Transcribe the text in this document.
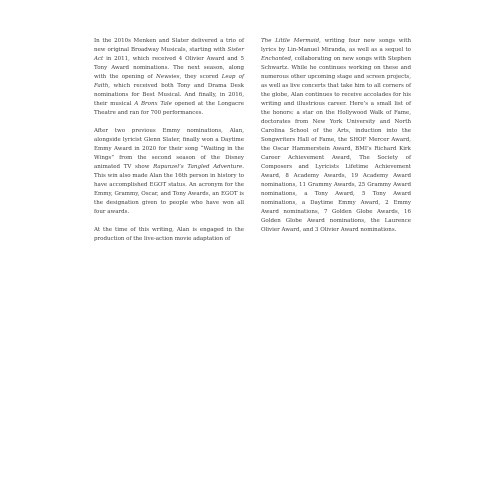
In the 2010s Menken and Slater delivered a trio of new original Broadway Musicals, starting with Sister Act in 2011, which received 4 Olivier Award and 5 Tony Award nominations. The next season, along with the opening of Newsies, they scored Leap of Faith, which received both Tony and Drama Desk nominations for Best Musical. And finally, in 2016, their musical A Bronx Tale opened at the Longacre Theatre and ran for 700 performances.

After two previous Emmy nominations, Alan, alongside lyricist Glenn Slater, finally won a Daytime Emmy Award in 2020 for their song “Waiting in the Wings” from the second season of the Disney animated TV show Rapunzel’s Tangled Adventure. This win also made Alan the 16th person in history to have accomplished EGOT status. An acronym for the Emmy, Grammy, Oscar, and Tony Awards, an EGOT is the designation given to people who have won all four awards.

At the time of this writing, Alan is engaged in the production of the live-action movie adaptation of

The Little Mermaid, writing four new songs with lyrics by Lin-Manuel Miranda, as well as a sequel to Enchanted, collaborating on new songs with Stephen Schwartz. While he continues working on these and numerous other upcoming stage and screen projects, as well as live concerts that take him to all corners of the globe, Alan continues to receive accolades for his writing and illustrious career. Here’s a small list of the honors: a star on the Hollywood Walk of Fame, doctorates from New York University and North Carolina School of the Arts, induction into the Songwriters Hall of Fame, the SHOF Mercer Award, the Oscar Hammerstein Award, BMI’s Richard Kirk Career Achievement Award, The Society of Composers and Lyricists Lifetime Achievement Award, 8 Academy Awards, 19 Academy Award nominations, 11 Grammy Awards, 25 Grammy Award nominations, a Tony Award, 5 Tony Award nominations, a Daytime Emmy Award, 2 Emmy Award nominations, 7 Golden Globe Awards, 16 Golden Globe Award nominations, the Laurence Olivier Award, and 3 Olivier Award nominations.
